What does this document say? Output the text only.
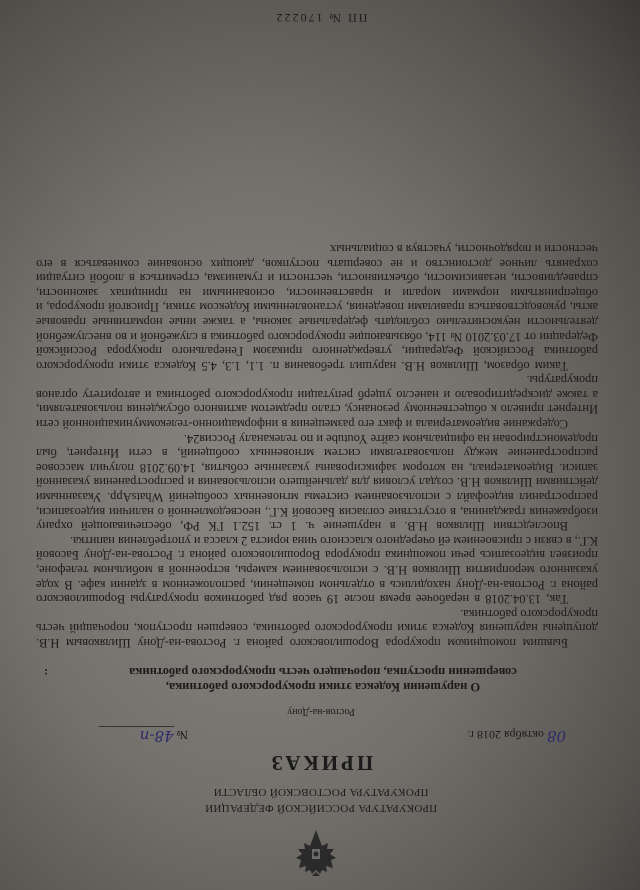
ПРОКУРАТУРА РОССИЙСКОЙ ФЕДЕРАЦИИ
ПРОКУРАТУРА РОСТОВСКОЙ ОБЛАСТИ
ПРИКАЗ
08 октября 2018 г.
№ 48-п
Ростов-на-Дону
О нарушении Кодекса этики прокурорского работника,
совершении проступка, порочащего честь прокурорского работника
:

Бывшим помощником прокурора Ворошиловского района г. Ростова-на-Дону Шиляковым Н.В. допущены нарушения Кодекса этики прокурорского работника, совершен проступок, порочащий честь прокурорского работника.

Так, 13.04.2018 в нерабочее время после 19 часов ряд работников прокуратуры Ворошиловского района г. Ростова-на-Дону находились в отдельном помещении, расположенном в здании кафе. В ходе указанного мероприятия Шиляков Н.В. с использованием камеры, встроенной в мобильном телефоне, произвел видеозапись речи помощника прокурора Ворошиловского района г. Ростова-на-Дону Басовой К.Г., в связи с присвоением ей очередного классного чина юриста 2 класса и употребления напитка.

Впоследствии Шиляков Н.В. в нарушение ч. 1 ст. 152.1 ГК РФ, обеспечивающей охрану изображения гражданина, в отсутствие согласия Басовой К.Г., неосведомленной о наличии видеозаписи, распространил видеофайл с использованием системы мгновенных сообщений WhatsApp. Указанными действиями Шиляков Н.В. создал условия для дальнейшего использования и распространения указанной записи. Видеоматериал, на котором зафиксированы указанные события, 14.09.2018 получил массовое распространение между пользователями систем мгновенных сообщений, в сети Интернет, был продемонстрирован на официальном сайте Youtube и по телеканалу Россия24.

Содержание видеоматериала и факт его размещения в информационно-телекоммуникационной сети Интернет привело к общественному резонансу, стало предметом активного обсуждения пользователями, а также дискредитировало и нанесло ущерб репутации прокурорского работника и авторитету органов прокуратуры.

Таким образом, Шиляков Н.В. нарушил требования п. 1.1, 1.3, 4.5 Кодекса этики прокурорского работника Российской Федерации, утвержденного приказом Генерального прокурора Российской Федерации от 17.03.2010 № 114, обязывающие прокурорского работника в служебной и во внеслужебной деятельности неукоснительно соблюдать федеральные законы, а также иные нормативные правовые акты, руководствоваться правилами поведения, установленными Кодексом этики, Присягой прокурора, и общепринятыми нормами морали и нравственности, основанными на принципах законности, справедливости, независимости, объективности, честности и гуманизма, стремиться в любой ситуации сохранять личное достоинство и не совершать поступков, дающих основание сомневаться в его честности и порядочности, участвуя в социальных

ПП № 170222
